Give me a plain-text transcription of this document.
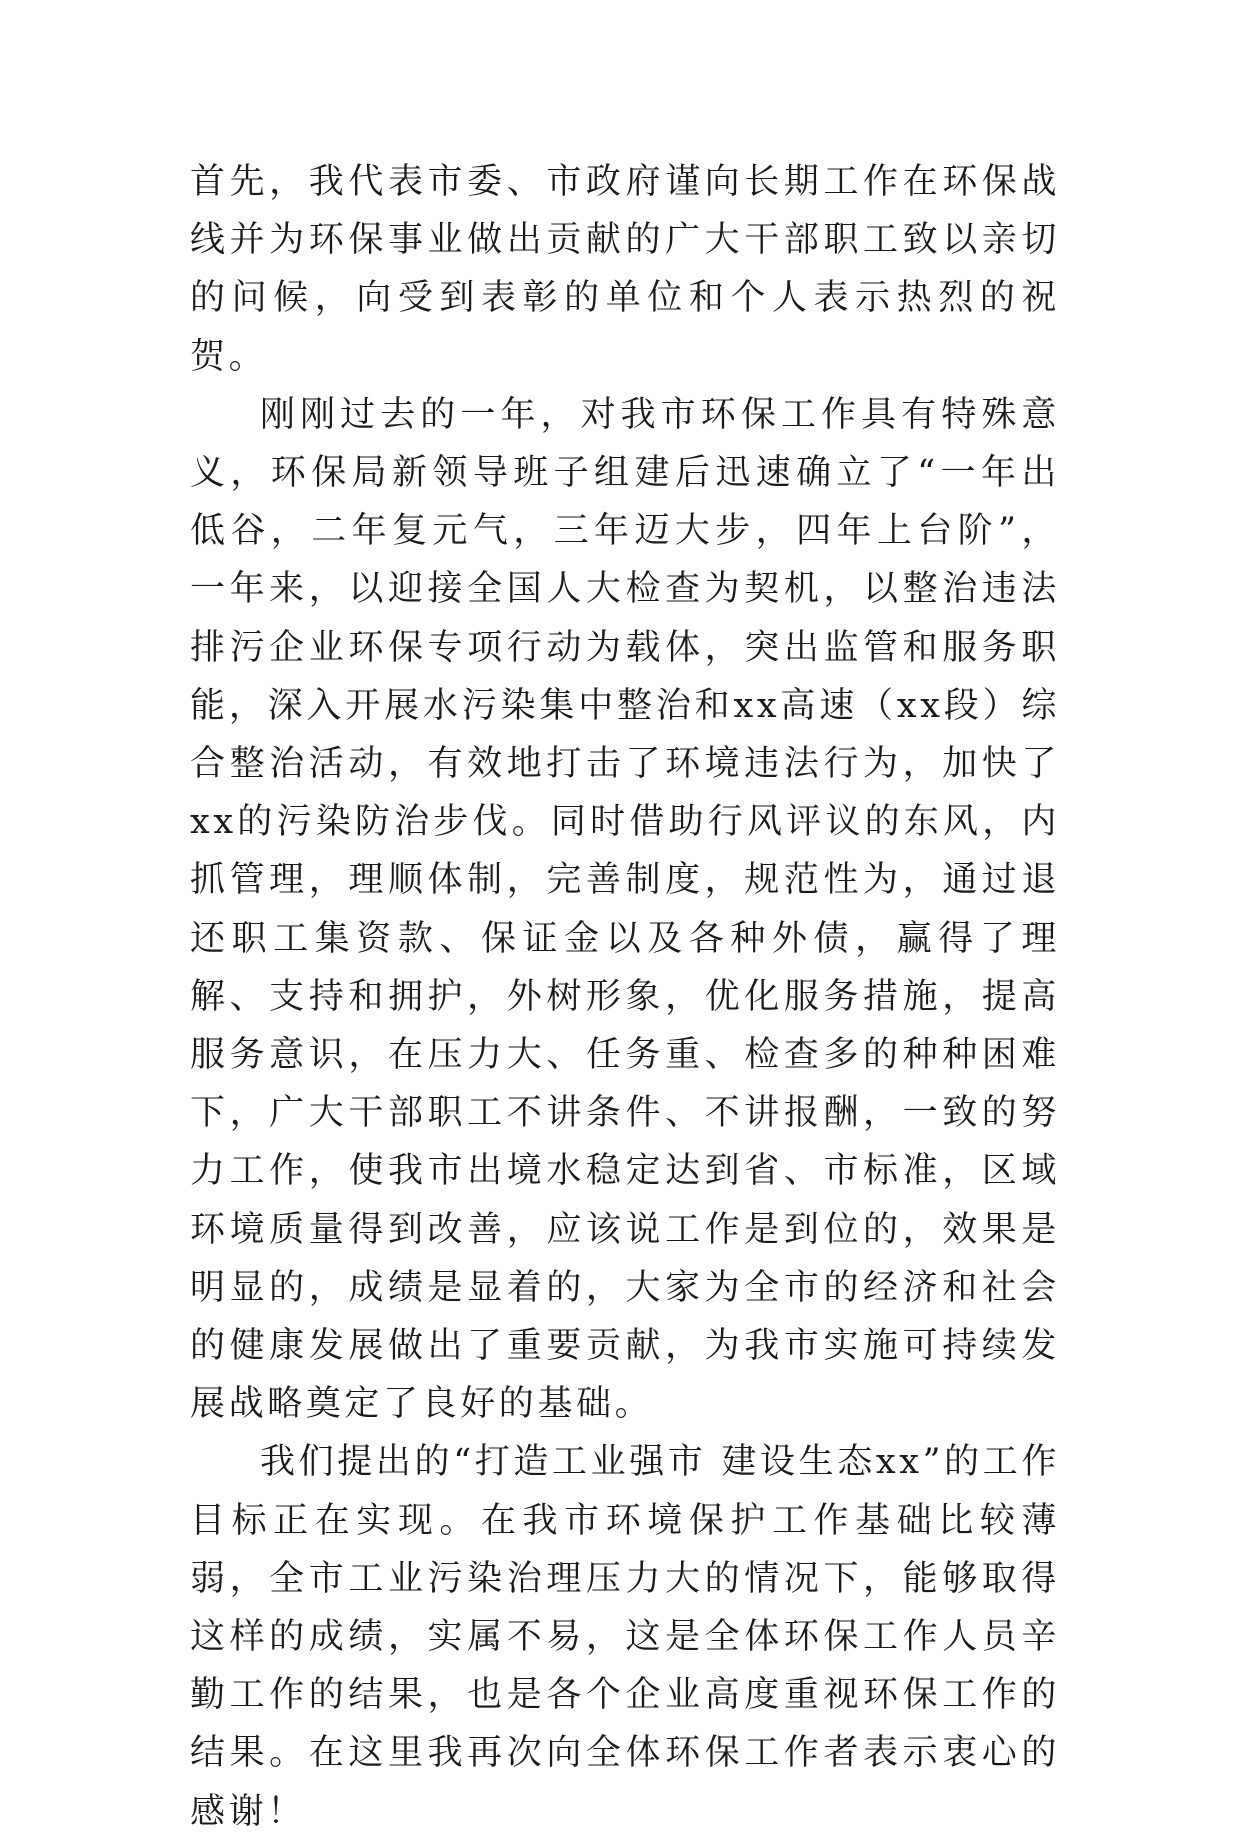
首先，我代表市委、市政府谨向长期工作在环保战线并为环保事业做出贡献的广大干部职工致以亲切的问候，向受到表彰的单位和个人表示热烈的祝贺。

刚刚过去的一年，对我市环保工作具有特殊意义，环保局新领导班子组建后迅速确立了“一年出低谷，二年复元气，三年迈大步，四年上台阶”，一年来，以迎接全国人大检查为契机，以整治违法排污企业环保专项行动为载体，突出监管和服务职能，深入开展水污染集中整治和xx高速（xx段）综合整治活动，有效地打击了环境违法行为，加快了xx的污染防治步伐。同时借助行风评议的东风，内抓管理，理顺体制，完善制度，规范性为，通过退还职工集资款、保证金以及各种外债，赢得了理解、支持和拥护，外树形象，优化服务措施，提高服务意识，在压力大、任务重、检查多的种种困难下，广大干部职工不讲条件、不讲报酬，一致的努力工作，使我市出境水稳定达到省、市标准，区域环境质量得到改善，应该说工作是到位的，效果是明显的，成绩是显着的，大家为全市的经济和社会的健康发展做出了重要贡献，为我市实施可持续发展战略奠定了良好的基础。

我们提出的“打造工业强市 建设生态xx”的工作目标正在实现。在我市环境保护工作基础比较薄弱，全市工业污染治理压力大的情况下，能够取得这样的成绩，实属不易，这是全体环保工作人员辛勤工作的结果，也是各个企业高度重视环保工作的结果。在这里我再次向全体环保工作者表示衷心的感谢！
